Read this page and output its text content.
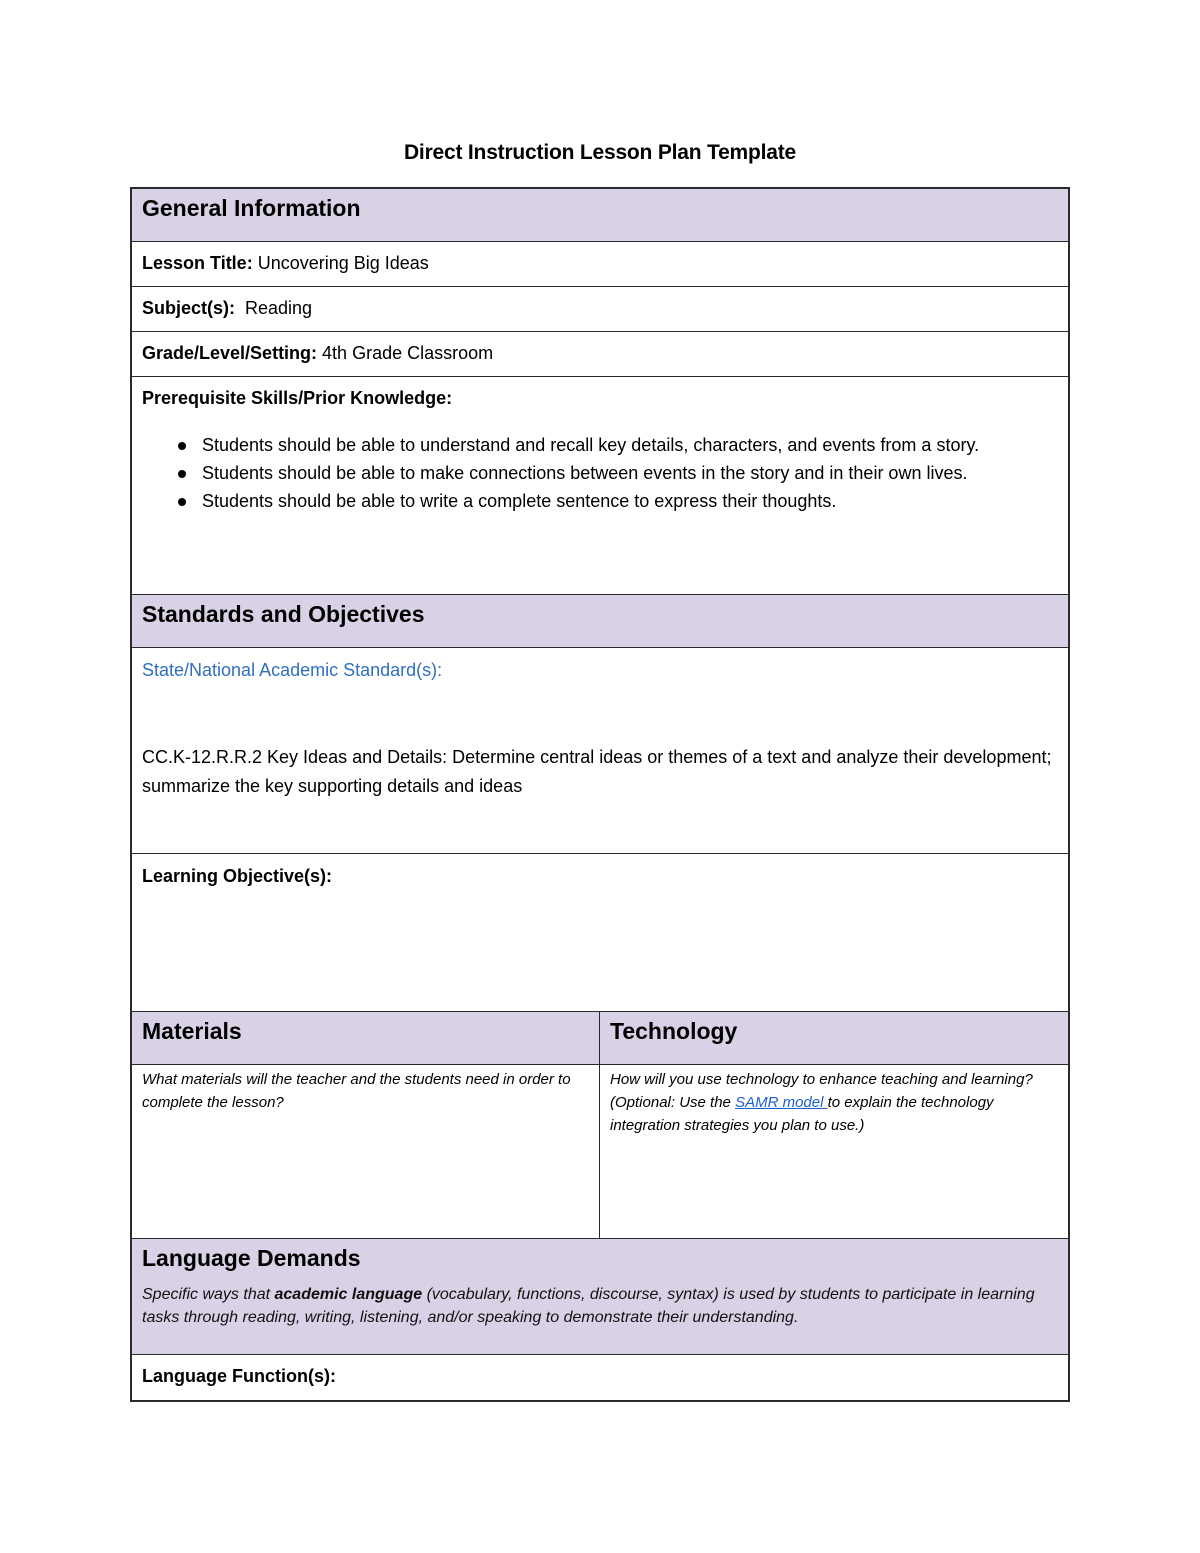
Direct Instruction Lesson Plan Template
General Information
Lesson Title: Uncovering Big Ideas
Subject(s):  Reading
Grade/Level/Setting: 4th Grade Classroom
Prerequisite Skills/Prior Knowledge:
Students should be able to understand and recall key details, characters, and events from a story.
Students should be able to make connections between events in the story and in their own lives.
Students should be able to write a complete sentence to express their thoughts.
Standards and Objectives
State/National Academic Standard(s):
CC.K-12.R.R.2 Key Ideas and Details: Determine central ideas or themes of a text and analyze their development; summarize the key supporting details and ideas
Learning Objective(s):
Materials	Technology
What materials will the teacher and the students need in order to complete the lesson?
How will you use technology to enhance teaching and learning? (Optional: Use the SAMR model to explain the technology integration strategies you plan to use.)
Language Demands
Specific ways that academic language (vocabulary, functions, discourse, syntax) is used by students to participate in learning tasks through reading, writing, listening, and/or speaking to demonstrate their understanding.
Language Function(s):
